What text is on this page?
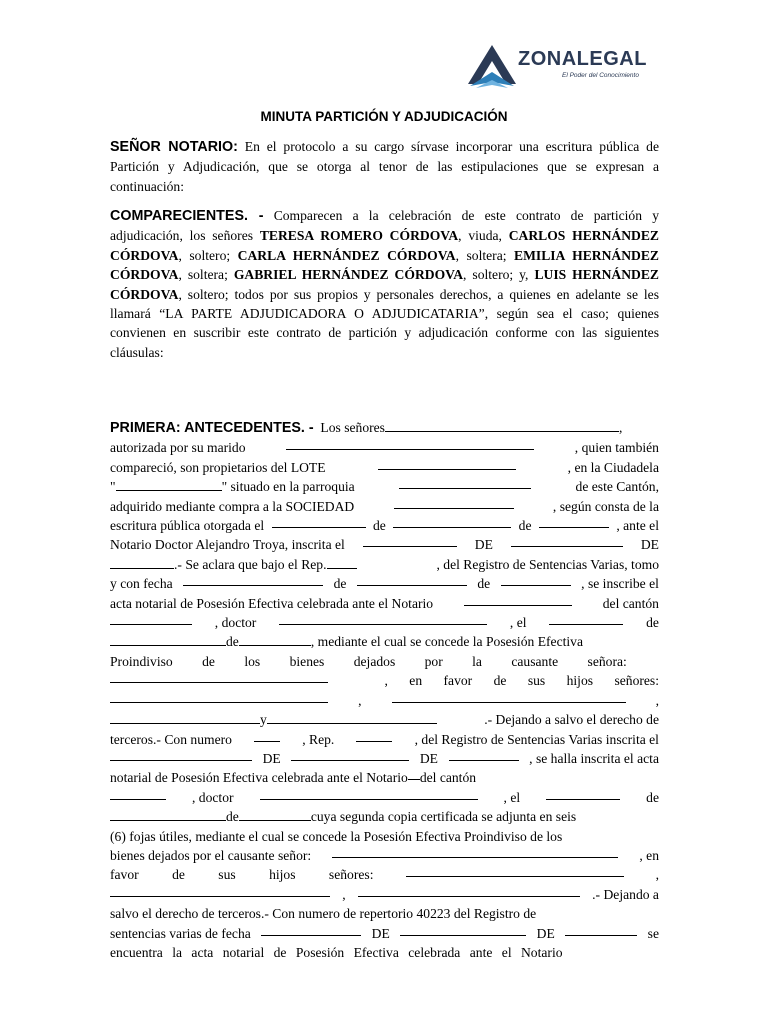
ZONALEGAL
El Poder del Conocimiento
MINUTA PARTICIÓN Y ADJUDICACIÓN
SEÑOR NOTARIO: En el protocolo a su cargo sírvase incorporar una escritura pública de Partición y Adjudicación, que se otorga al tenor de las estipulaciones que se expresan a continuación:
COMPARECIENTES. - Comparecen a la celebración de este contrato de partición y adjudicación, los señores TERESA ROMERO CÓRDOVA, viuda, CARLOS HERNÁNDEZ CÓRDOVA, soltero; CARLA HERNÁNDEZ CÓRDOVA, soltera; EMILIA HERNÁNDEZ CÓRDOVA, soltera; GABRIEL HERNÁNDEZ CÓRDOVA, soltero; y, LUIS HERNÁNDEZ CÓRDOVA, soltero; todos por sus propios y personales derechos, a quienes en adelante se les llamará “LA PARTE ADJUDICADORA O ADJUDICATARIA”, según sea el caso; quienes convienen en suscribir este contrato de partición y adjudicación conforme con las siguientes cláusulas:
PRIMERA: ANTECEDENTES. - Los señores	,
autorizada por su marido	, quien también
compareció, son propietarios del LOTE	, en la Ciudadela
"	" situado en la parroquia	de este Cantón,
adquirido mediante compra a la SOCIEDAD	, según consta de la
escritura pública otorgada el	de	de	, ante el
Notario Doctor Alejandro Troya, inscrita el	DE	DE
.- Se aclara que bajo el Rep.	, del Registro de Sentencias Varias, tomo
y con fecha	de	de	, se inscribe el
acta notarial de Posesión Efectiva celebrada ante el Notario	del cantón
, doctor	, el	de
de	, mediante el cual se concede la Posesión Efectiva
Proindiviso de los bienes dejados por la causante señora:
, en favor de sus hijos señores:
,	,
y	.- Dejando a salvo el derecho de
terceros.- Con numero	, Rep.	, del Registro de Sentencias Varias inscrita el
DE	DE	, se halla inscrita el acta
notarial de Posesión Efectiva celebrada ante el Notario del cantón
, doctor	, el	de
de	cuya segunda copia certificada se adjunta en seis
(6) fojas útiles, mediante el cual se concede la Posesión Efectiva Proindiviso de los
bienes dejados por el causante señor:	, en
favor de sus hijos señores:	,
,	.- Dejando a
salvo el derecho de terceros.- Con numero de repertorio 40223 del Registro de
sentencias varias de fecha	DE	DE	se
encuentra la acta notarial de Posesión Efectiva celebrada ante el Notario
